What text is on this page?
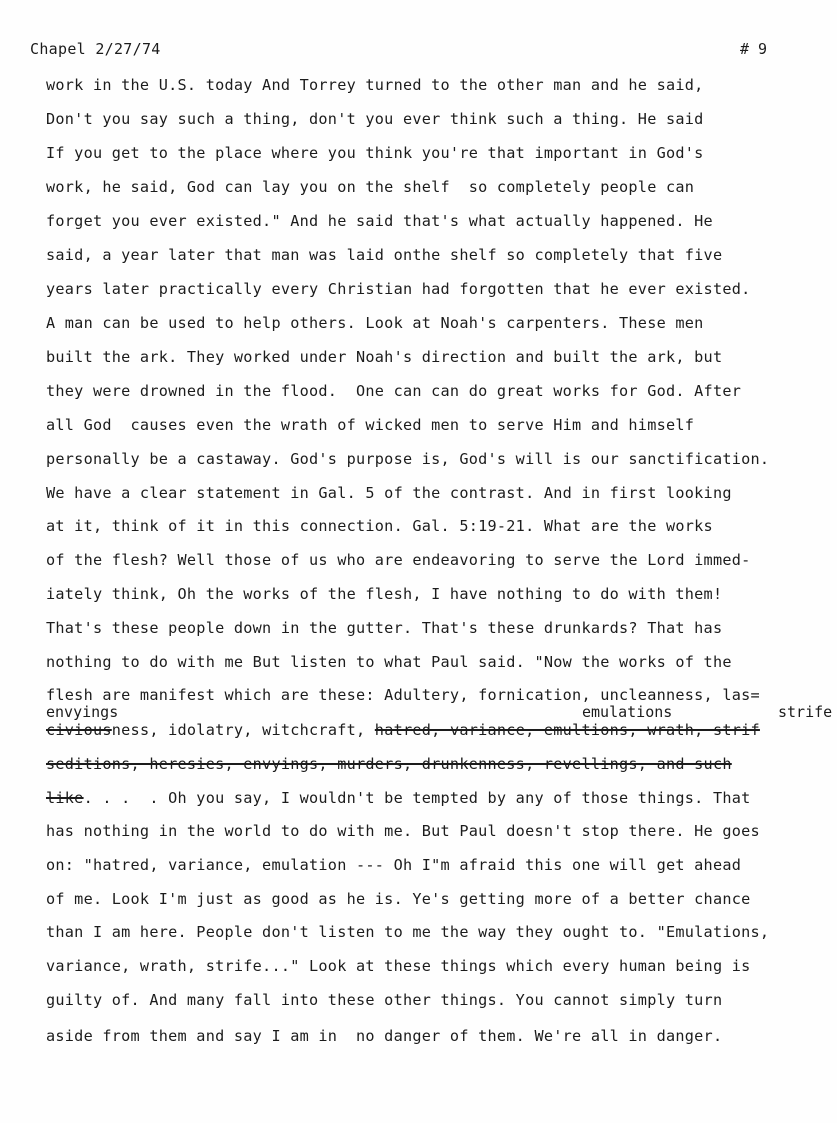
Chapel 2/27/74	# 9
work in the U.S. today And Torrey turned to the other man and he said,
Don't you say such a thing, don't you ever think such a thing. He said
If you get to the place where you think you're that important in God's
work, he said, God can lay you on the shelf  so completely people can
forget you ever existed." And he said that's what actually happened. He
said, a year later that man was laid onthe shelf so completely that five
years later practically every Christian had forgotten that he ever existed.
A man can be used to help others. Look at Noah's carpenters. These men
built the ark. They worked under Noah's direction and built the ark, but
they were drowned in the flood.  One can can do great works for God. After
all God  causes even the wrath of wicked men to serve Him and himself
personally be a castaway. God's purpose is, God's will is our sanctification.
We have a clear statement in Gal. 5 of the contrast. And in first looking
at it, think of it in this connection. Gal. 5:19-21. What are the works
of the flesh? Well those of us who are endeavoring to serve the Lord immed-
iately think, Oh the works of the flesh, I have nothing to do with them!
That's these people down in the gutter. That's these drunkards? That has
nothing to do with me But listen to what Paul said. "Now the works of the
flesh are manifest which are these: Adultery, fornication, uncleanness, las=
envyings	emulations	strife
civiousness, idolatry, witchcraft, hatred, variance, emultions, wrath, strif
seditions, heresies, envyings, murders, drunkenness, revellings, and such
like. . .  . Oh you say, I wouldn't be tempted by any of those things. That
has nothing in the world to do with me. But Paul doesn't stop there. He goes
on: "hatred, variance, emulation --- Oh I"m afraid this one will get ahead
of me. Look I'm just as good as he is. Ye's getting more of a better chance
than I am here. People don't listen to me the way they ought to. "Emulations,
variance, wrath, strife..." Look at these things which every human being is
guilty of. And many fall into these other things. You cannot simply turn
aside from them and say I am in  no danger of them. We're all in danger.
